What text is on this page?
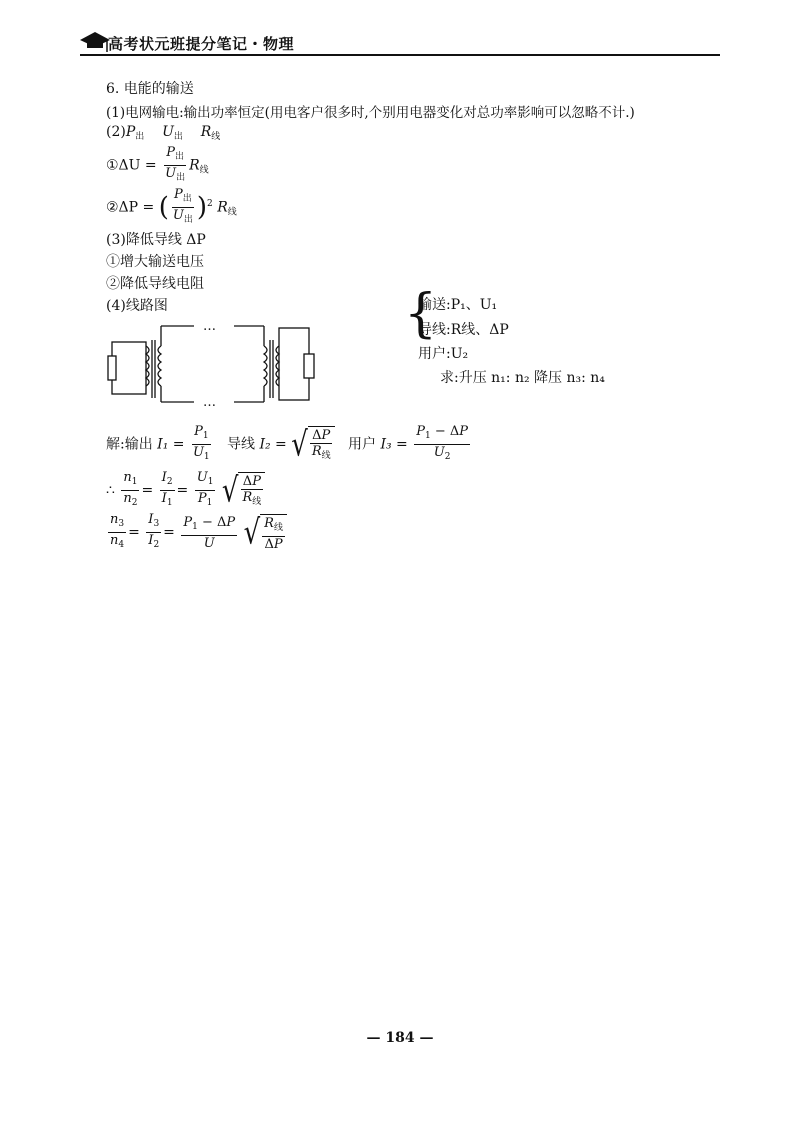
高考状元班提分笔记・物理
6. 电能的输送
(1)电网输电:输出功率恒定(用电客户很多时,个别用电器变化对总功率影响可以忽略不计.)
$(2)P_出$ $U_出$ $R_线$
①ΔU = $\frac{P_出}{U_出} R_线$
②ΔP = ( $\frac{P_出}{U_出} )^2$ $R_线$
(3)降低导线 ΔP
①增大输送电压
②降低导线电阻
(4)线路图
…
…
{
输送:P₁、U₁
导线:R线、ΔP
用户:U₂
求:升压 n₁: n₂ 降压 n₃: n₄
解:输出 $I_1 = \frac{P_1}{U_1}$ 导线 I₂ = √ $\frac{\Delta P}{R_线}$ 用户 $I_3 = \frac{P_1 - \Delta P}{U_2}$
∴ $\frac{n_1}{n_2} = \frac{I_2}{I_1} = \frac{U_1}{P_1}$
√ $\frac{\Delta P}{R_线}$
$\frac{n_3}{n_4} = \frac{I_3}{I_2} = \frac{P_1 - \Delta P}{U}$
√ $\frac{R_线}{\Delta P}$
— 184 —
